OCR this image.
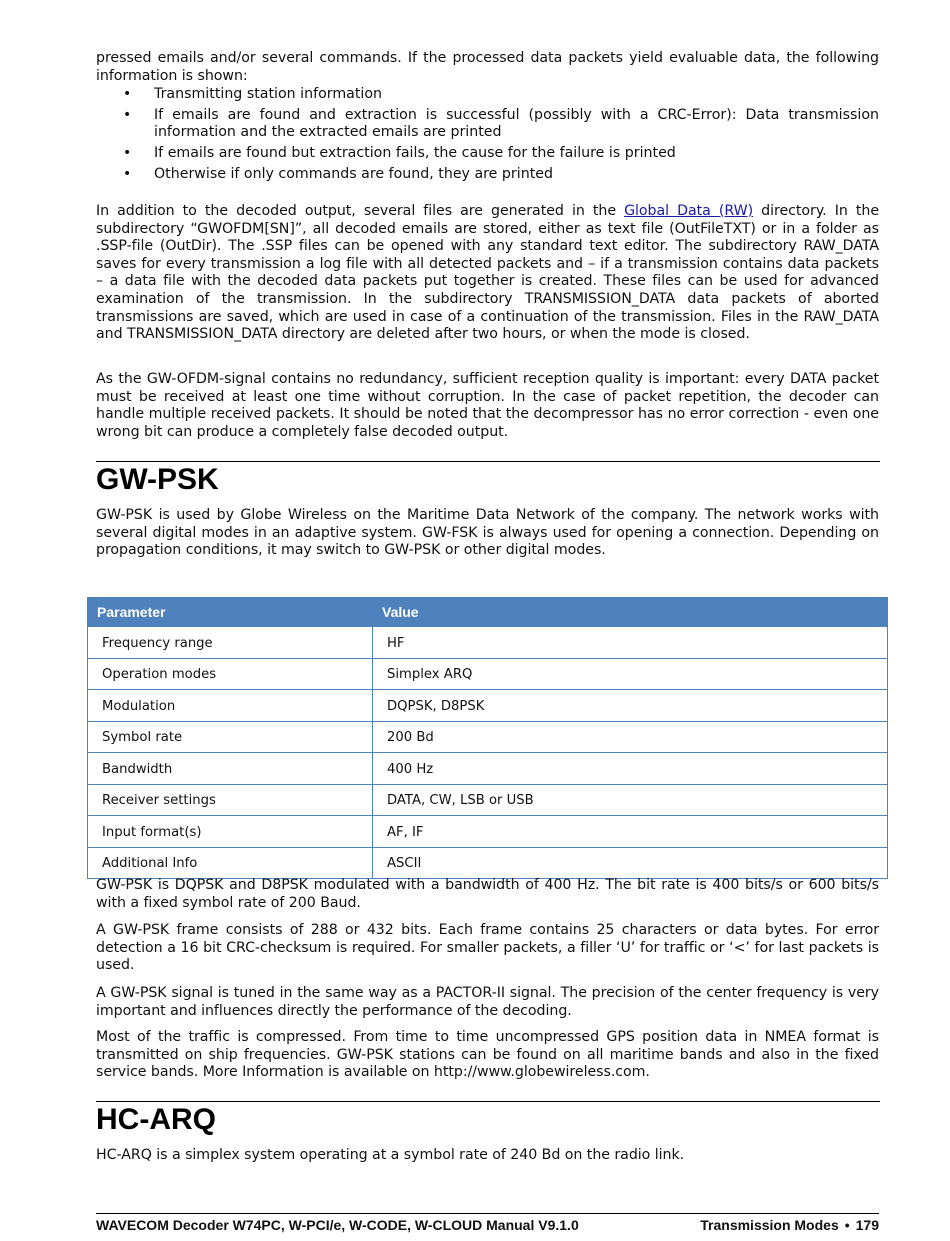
pressed emails and/or several commands. If the processed data packets yield evaluable data, the following information is shown:

• Transmitting station information
• If emails are found and extraction is successful (possibly with a CRC-Error): Data transmission information and the extracted emails are printed
• If emails are found but extraction fails, the cause for the failure is printed
• Otherwise if only commands are found, they are printed

In addition to the decoded output, several files are generated in the Global Data (RW) directory. In the subdirectory “GWOFDM[SN]”, all decoded emails are stored, either as text file (OutFileTXT) or in a folder as .SSP-file (OutDir). The .SSP files can be opened with any standard text editor. The subdirectory RAW_DATA saves for every transmission a log file with all detected packets and – if a transmission contains data packets – a data file with the decoded data packets put together is created. These files can be used for advanced examination of the transmission. In the subdirectory TRANSMISSION_DATA data packets of aborted transmissions are saved, which are used in case of a continuation of the transmission. Files in the RAW_DATA and TRANSMISSION_DATA directory are deleted after two hours, or when the mode is closed.

As the GW-OFDM-signal contains no redundancy, sufficient reception quality is important: every DATA packet must be received at least one time without corruption. In the case of packet repetition, the decoder can handle multiple received packets. It should be noted that the decompressor has no error correction - even one wrong bit can produce a completely false decoded output.

GW-PSK

GW-PSK is used by Globe Wireless on the Maritime Data Network of the company. The network works with several digital modes in an adaptive system. GW-FSK is always used for opening a connection. Depending on propagation conditions, it may switch to GW-PSK or other digital modes.

Parameter	Value
Frequency range	HF
Operation modes	Simplex ARQ
Modulation	DQPSK, D8PSK
Symbol rate	200 Bd
Bandwidth	400 Hz
Receiver settings	DATA, CW, LSB or USB
Input format(s)	AF, IF
Additional Info	ASCII

GW-PSK is DQPSK and D8PSK modulated with a bandwidth of 400 Hz. The bit rate is 400 bits/s or 600 bits/s with a fixed symbol rate of 200 Baud.

A GW-PSK frame consists of 288 or 432 bits. Each frame contains 25 characters or data bytes. For error detection a 16 bit CRC-checksum is required. For smaller packets, a filler ‘U’ for traffic or ‘<’ for last packets is used.

A GW-PSK signal is tuned in the same way as a PACTOR-II signal. The precision of the center frequency is very important and influences directly the performance of the decoding.

Most of the traffic is compressed. From time to time uncompressed GPS position data in NMEA format is transmitted on ship frequencies. GW-PSK stations can be found on all maritime bands and also in the fixed service bands. More Information is available on http://www.globewireless.com.

HC-ARQ

HC-ARQ is a simplex system operating at a symbol rate of 240 Bd on the radio link.

WAVECOM Decoder W74PC, W-PCI/e, W-CODE, W-CLOUD Manual V9.1.0	Transmission Modes • 179
